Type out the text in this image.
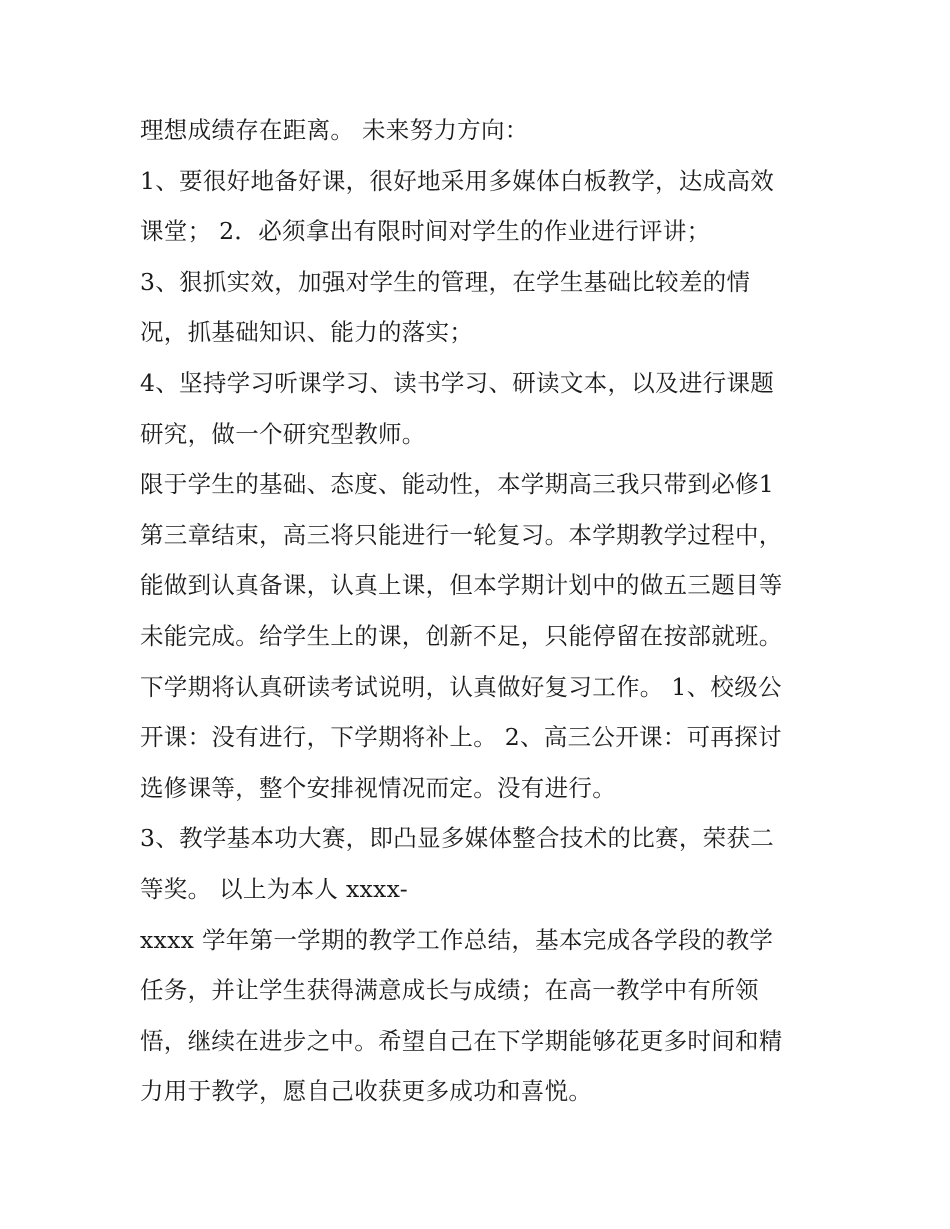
理想成绩存在距离。 未来努力方向：
1、要很好地备好课，很好地采用多媒体白板教学，达成高效
课堂； 2．必须拿出有限时间对学生的作业进行评讲；
3、狠抓实效，加强对学生的管理，在学生基础比较差的情
况，抓基础知识、能力的落实；
4、坚持学习听课学习、读书学习、研读文本，以及进行课题
研究，做一个研究型教师。
限于学生的基础、态度、能动性，本学期高三我只带到必修1
第三章结束，高三将只能进行一轮复习。本学期教学过程中，
能做到认真备课，认真上课，但本学期计划中的做五三题目等
未能完成。给学生上的课，创新不足，只能停留在按部就班。
下学期将认真研读考试说明，认真做好复习工作。 1、校级公
开课：没有进行，下学期将补上。 2、高三公开课：可再探讨
选修课等，整个安排视情况而定。没有进行。
3、教学基本功大赛，即凸显多媒体整合技术的比赛，荣获二
等奖。 以上为本人 xxxx-
xxxx 学年第一学期的教学工作总结，基本完成各学段的教学
任务，并让学生获得满意成长与成绩；在高一教学中有所领
悟，继续在进步之中。希望自己在下学期能够花更多时间和精
力用于教学，愿自己收获更多成功和喜悦。
